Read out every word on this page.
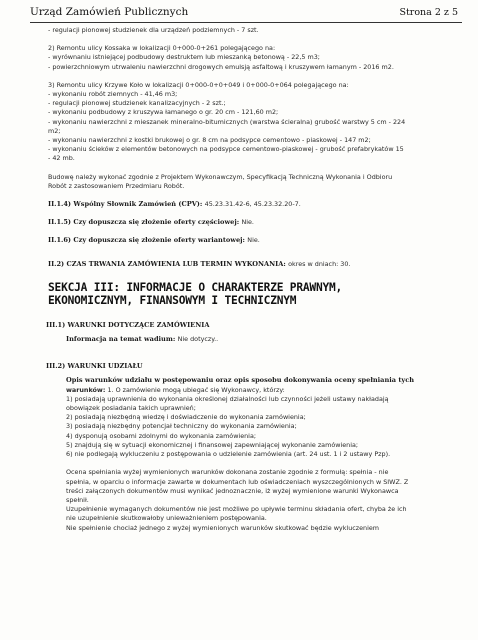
Urząd Zamówień Publicznych	Strona 2 z 5
- regulacji pionowej studzienek dla urządzeń podziemnych - 7 szt.
2) Remontu ulicy Kossaka w lokalizacji 0+000-0+261 polegającego na:
- wyrównaniu istniejącej podbudowy destruktem lub mieszanką betonową - 22,5 m3;
- powierzchniowym utrwaleniu nawierzchni drogowych emulsją asfaltową i kruszywem łamanym - 2016 m2.
3) Remontu ulicy Krzywe Koło w lokalizacji 0+000-0+0+049 i 0+000-0+064 polegającego na:
- wykonaniu robót ziemnych - 41,46 m3;
- regulacji pionowej studzienek kanalizacyjnych - 2 szt.;
- wykonaniu podbudowy z kruszywa łamanego o gr. 20 cm - 121,60 m2;
- wykonaniu nawierzchni z mieszanek mineralno-bitumicznych (warstwa ścieralna) grubość warstwy 5 cm - 224
m2;
- wykonaniu nawierzchni z kostki brukowej o gr. 8 cm na podsypce cementowo - piaskowej - 147 m2;
- wykonaniu ścieków z elementów betonowych na podsypce cementowo-piaskowej - grubość prefabrykatów 15
- 42 mb.
Budowę należy wykonać zgodnie z Projektem Wykonawczym, Specyfikacją Techniczną Wykonania i Odbioru
Robót z zastosowaniem Przedmiaru Robót.

II.1.4) Wspólny Słownik Zamówień (CPV): 45.23.31.42-6, 45.23.32.20-7.

II.1.5) Czy dopuszcza się złożenie oferty częściowej: Nie.

II.1.6) Czy dopuszcza się złożenie oferty wariantowej: Nie.

II.2) CZAS TRWANIA ZAMÓWIENIA LUB TERMIN WYKONANIA: okres w dniach: 30.

SEKCJA III: INFORMACJE O CHARAKTERZE PRAWNYM,
EKONOMICZNYM, FINANSOWYM I TECHNICZNYM

III.1) WARUNKI DOTYCZĄCE ZAMÓWIENIA

Informacja na temat wadium: Nie dotyczy..

III.2) WARUNKI UDZIAŁU

Opis warunków udziału w postępowaniu oraz opis sposobu dokonywania oceny spełniania tych

warunków: 1. O zamówienie mogą ubiegać się Wykonawcy, którzy:

1) posiadają uprawnienia do wykonania określonej działalności lub czynności jeżeli ustawy nakładają
obowiązek posiadania takich uprawnień;
2) posiadają niezbędną wiedzę i doświadczenie do wykonania zamówienia;
3) posiadają niezbędny potencjał techniczny do wykonania zamówienia;
4) dysponują osobami zdolnymi do wykonania zamówienia;
5) znajdują się w sytuacji ekonomicznej i finansowej zapewniającej wykonanie zamówienia;
6) nie podlegają wykluczeniu z postępowania o udzielenie zamówienia (art. 24 ust. 1 i 2 ustawy Pzp).
Ocena spełniania wyżej wymienionych warunków dokonana zostanie zgodnie z formułą: spełnia - nie
spełnia, w oparciu o informacje zawarte w dokumentach lub oświadczeniach wyszczególnionych w SIWZ. Z
treści załączonych dokumentów musi wynikać jednoznacznie, iż wyżej wymienione warunki Wykonawca
spełnił.
Uzupełnienie wymaganych dokumentów nie jest możliwe po upływie terminu składania ofert, chyba że ich
nie uzupełnienie skutkowałoby unieważnieniem postępowania.
Nie spełnienie chociaż jednego z wyżej wymienionych warunków skutkować będzie wykluczeniem
